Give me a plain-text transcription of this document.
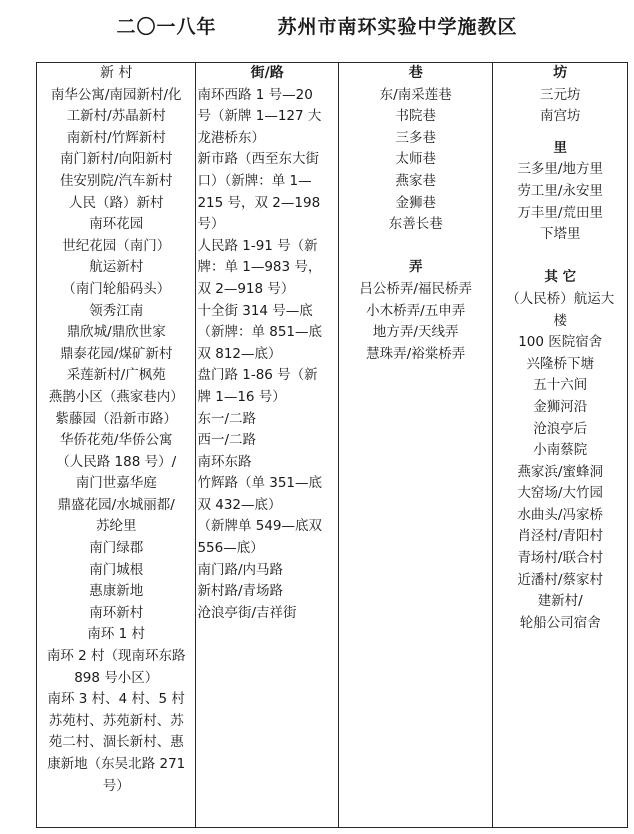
二〇一八年        苏州市南环实验中学施教区
新 村
南华公寓/南园新村/化
工新村/苏晶新村
南新村/竹辉新村
南门新村/向阳新村
佳安别院/汽车新村
人民（路）新村
南环花园
世纪花园（南门）
航运新村
（南门轮船码头）
领秀江南
鼎欣城/鼎欣世家
鼎泰花园/煤矿新村
采莲新村/广枫苑
燕鹊小区（燕家巷内）
紫藤园（沿新市路）
华侨花苑/华侨公寓
（人民路 188 号）/
南门世嘉华庭
鼎盛花园/水城丽都/
苏纶里
南门绿郡
南门城根
惠康新地
南环新村
南环 1 村
南环 2 村（现南环东路
898 号小区）
南环 3 村、4 村、5 村
苏苑村、苏苑新村、苏
苑二村、涸长新村、惠
康新地（东吴北路 271
号）
街/路
南环西路 1 号—20
号（新牌 1—127 大
龙港桥东）
新市路（西至东大街
口）（新牌：单 1—
215 号，双 2—198
号）
人民路 1-91 号（新
牌：单 1—983 号，
双 2—918 号）
十全街 314 号—底
（新牌：单 851—底
双 812—底）
盘门路 1-86 号（新
牌 1—16 号）
东一/二路
西一/二路
南环东路
竹辉路（单 351—底
双 432—底）
（新牌单 549—底双
556—底）
南门路/内马路
新村路/青场路
沧浪亭街/吉祥街
巷
东/南采莲巷
书院巷
三多巷
太师巷
燕家巷
金狮巷
东善长巷
弄
吕公桥弄/福民桥弄
小木桥弄/五申弄
地方弄/天线弄
慧珠弄/裕棠桥弄
坊
三元坊
南宫坊
里
三多里/地方里
劳工里/永安里
万丰里/荒田里
下塔里
其 它
（人民桥）航运大
楼
100 医院宿舍
兴隆桥下塘
五十六间
金狮河沿
沧浪亭后
小南蔡院
燕家浜/蜜蜂洞
大窑场/大竹园
水曲头/冯家桥
肖泾村/青阳村
青场村/联合村
近潘村/蔡家村
建新村/
轮船公司宿舍
